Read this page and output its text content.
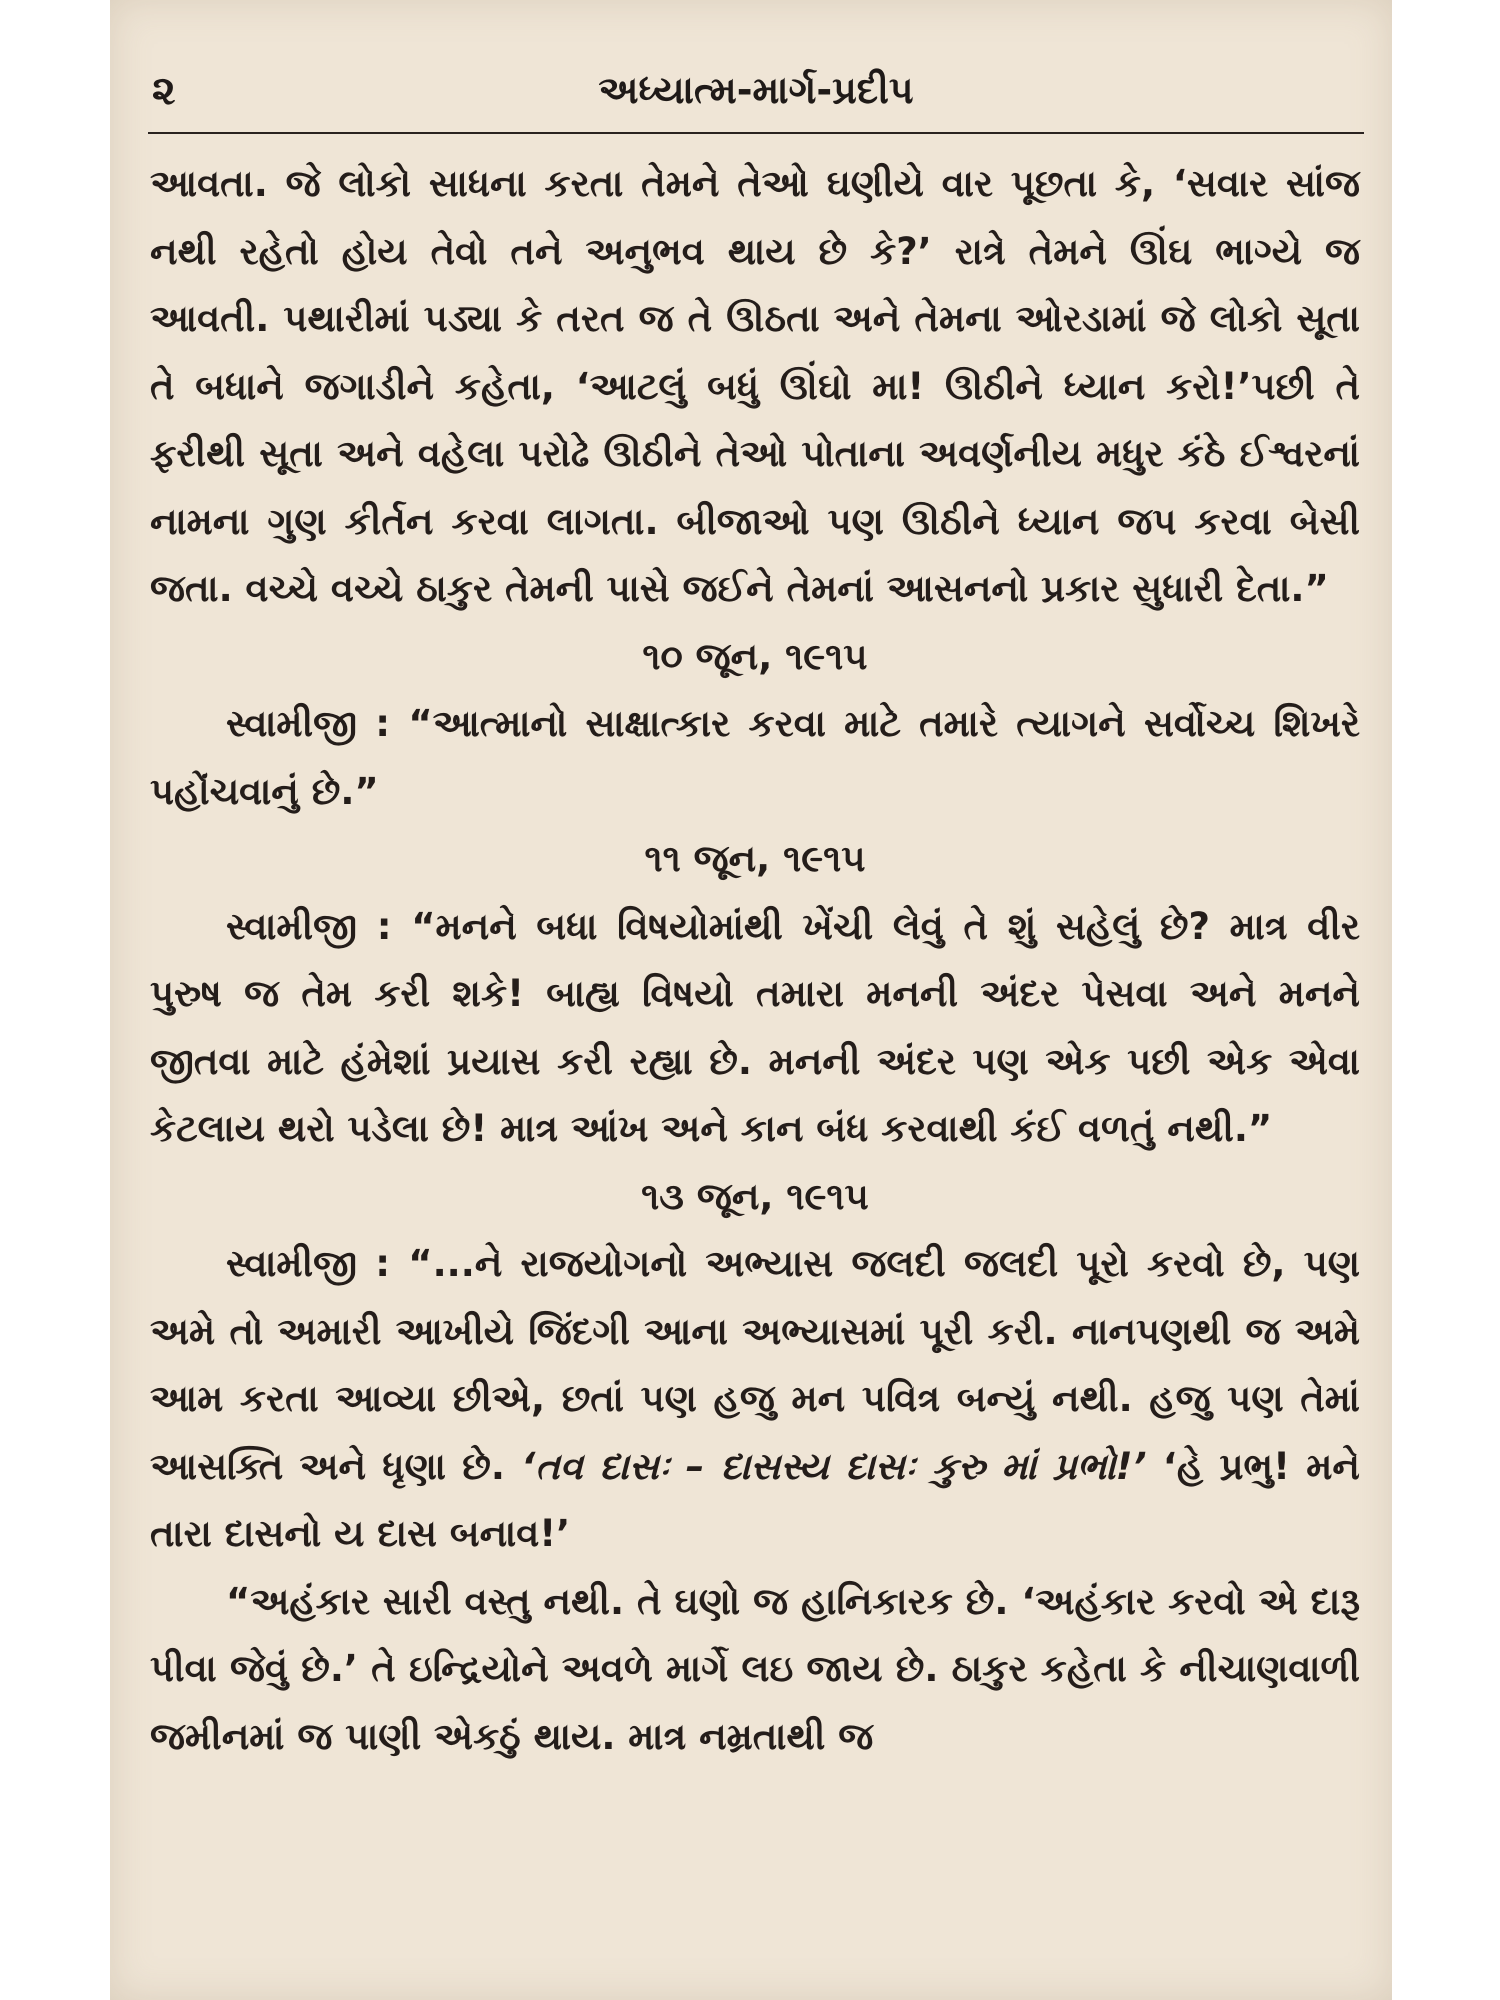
૨	અધ્યાત્મ-માર્ગ-પ્રદીપ

આવતા. જે લોકો સાધના કરતા તેમને તેઓ ઘણીયે વાર પૂછતા કે, ‘સવાર સાંજ નથી રહેતો હોય તેવો તને અનુભવ થાય છે કે?’ રાત્રે તેમને ઊંઘ ભાગ્યે જ આવતી. પથારીમાં પડ્યા કે તરત જ તે ઊઠતા અને તેમના ઓરડામાં જે લોકો સૂતા તે બધાને જગાડીને કહેતા, ‘આટલું બધું ઊંઘો મા! ઊઠીને ધ્યાન કરો!’પછી તે ફરીથી સૂતા અને વહેલા પરોઢે ઊઠીને તેઓ પોતાના અવર્ણનીય મધુર કંઠે ઈશ્વરનાં નામના ગુણ કીર્તન કરવા લાગતા. બીજાઓ પણ ઊઠીને ધ્યાન જપ કરવા બેસી જતા. વચ્ચે વચ્ચે ઠાકુર તેમની પાસે જઈને તેમનાં આસનનો પ્રકાર સુધારી દેતા.”

૧૦ જૂન, ૧૯૧૫

સ્વામીજી : “આત્માનો સાક્ષાત્કાર કરવા માટે તમારે ત્યાગને સર્વોચ્ચ શિખરે પહોંચવાનું છે.”

૧૧ જૂન, ૧૯૧૫

સ્વામીજી : “મનને બધા વિષયોમાંથી ખેંચી લેવું તે શું સહેલું છે? માત્ર વીર પુરુષ જ તેમ કરી શકે! બાહ્ય વિષયો તમારા મનની અંદર પેસવા અને મનને જીતવા માટે હંમેશાં પ્રયાસ કરી રહ્યા છે. મનની અંદર પણ એક પછી એક એવા કેટલાય થરો પડેલા છે! માત્ર આંખ અને કાન બંધ કરવાથી કંઈ વળતું નથી.”

૧૩ જૂન, ૧૯૧૫

સ્વામીજી : “...ને રાજયોગનો અભ્યાસ જલદી જલદી પૂરો કરવો છે, પણ અમે તો અમારી આખીયે જિંદગી આના અભ્યાસમાં પૂરી કરી. નાનપણથી જ અમે આમ કરતા આવ્યા છીએ, છતાં પણ હજુ મન પવિત્ર બન્યું નથી. હજુ પણ તેમાં આસક્તિ અને ધૃણા છે. ‘તવ દાસઃ – દાસસ્ય દાસઃ કુરુ માં પ્રભો!’ ‘હે પ્રભુ! મને તારા દાસનો ય દાસ બનાવ!’

“અહંકાર સારી વસ્તુ નથી. તે ઘણો જ હાનિકારક છે. ‘અહંકાર કરવો એ દારૂ પીવા જેવું છે.’ તે ઇન્દ્રિયોને અવળે માર્ગે લઇ જાય છે. ઠાકુર કહેતા કે નીચાણવાળી જમીનમાં જ પાણી એકઠું થાય. માત્ર નમ્રતાથી જ
